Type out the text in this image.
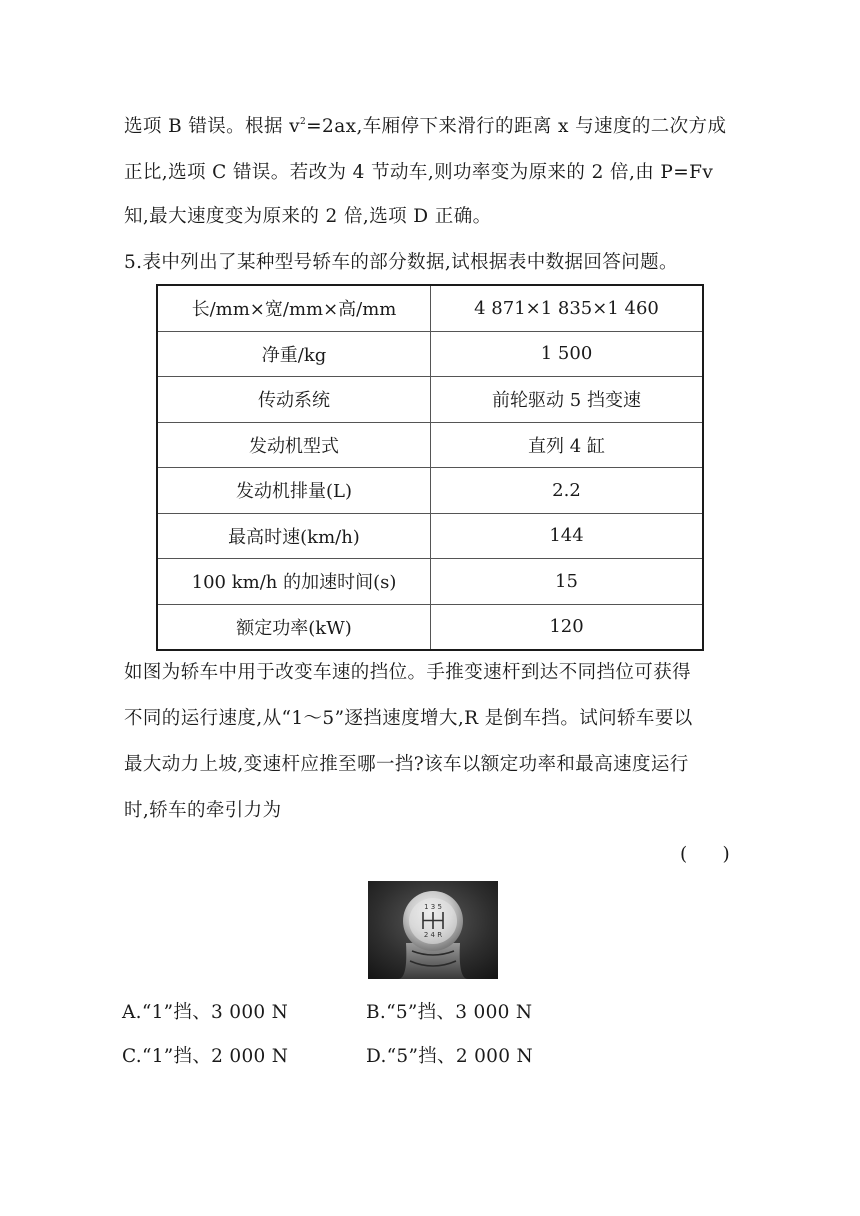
选项 B 错误。根据 $v^2=2ax$,车厢停下来滑行的距离 x 与速度的二次方成
正比,选项 C 错误。若改为 4 节动车,则功率变为原来的 2 倍,由 P=Fv
知,最大速度变为原来的 2 倍,选项 D 正确。
5.表中列出了某种型号轿车的部分数据,试根据表中数据回答问题。
长/mm×宽/mm×高/mm	4 871×1 835×1 460
净重/kg	1 500
传动系统	前轮驱动 5 挡变速
发动机型式	直列 4 缸
发动机排量(L)	2.2
最高时速(km/h)	144
100 km/h 的加速时间(s)	15
额定功率(kW)	120
如图为轿车中用于改变车速的挡位。手推变速杆到达不同挡位可获得
不同的运行速度,从“1～5”逐挡速度增大,R 是倒车挡。试问轿车要以
最大动力上坡,变速杆应推至哪一挡?该车以额定功率和最高速度运行
时,轿车的牵引力为
(      )
1 3 5
2 4 R
A.“1”挡、3 000 N	B.“5”挡、3 000 N
C.“1”挡、2 000 N	D.“5”挡、2 000 N
